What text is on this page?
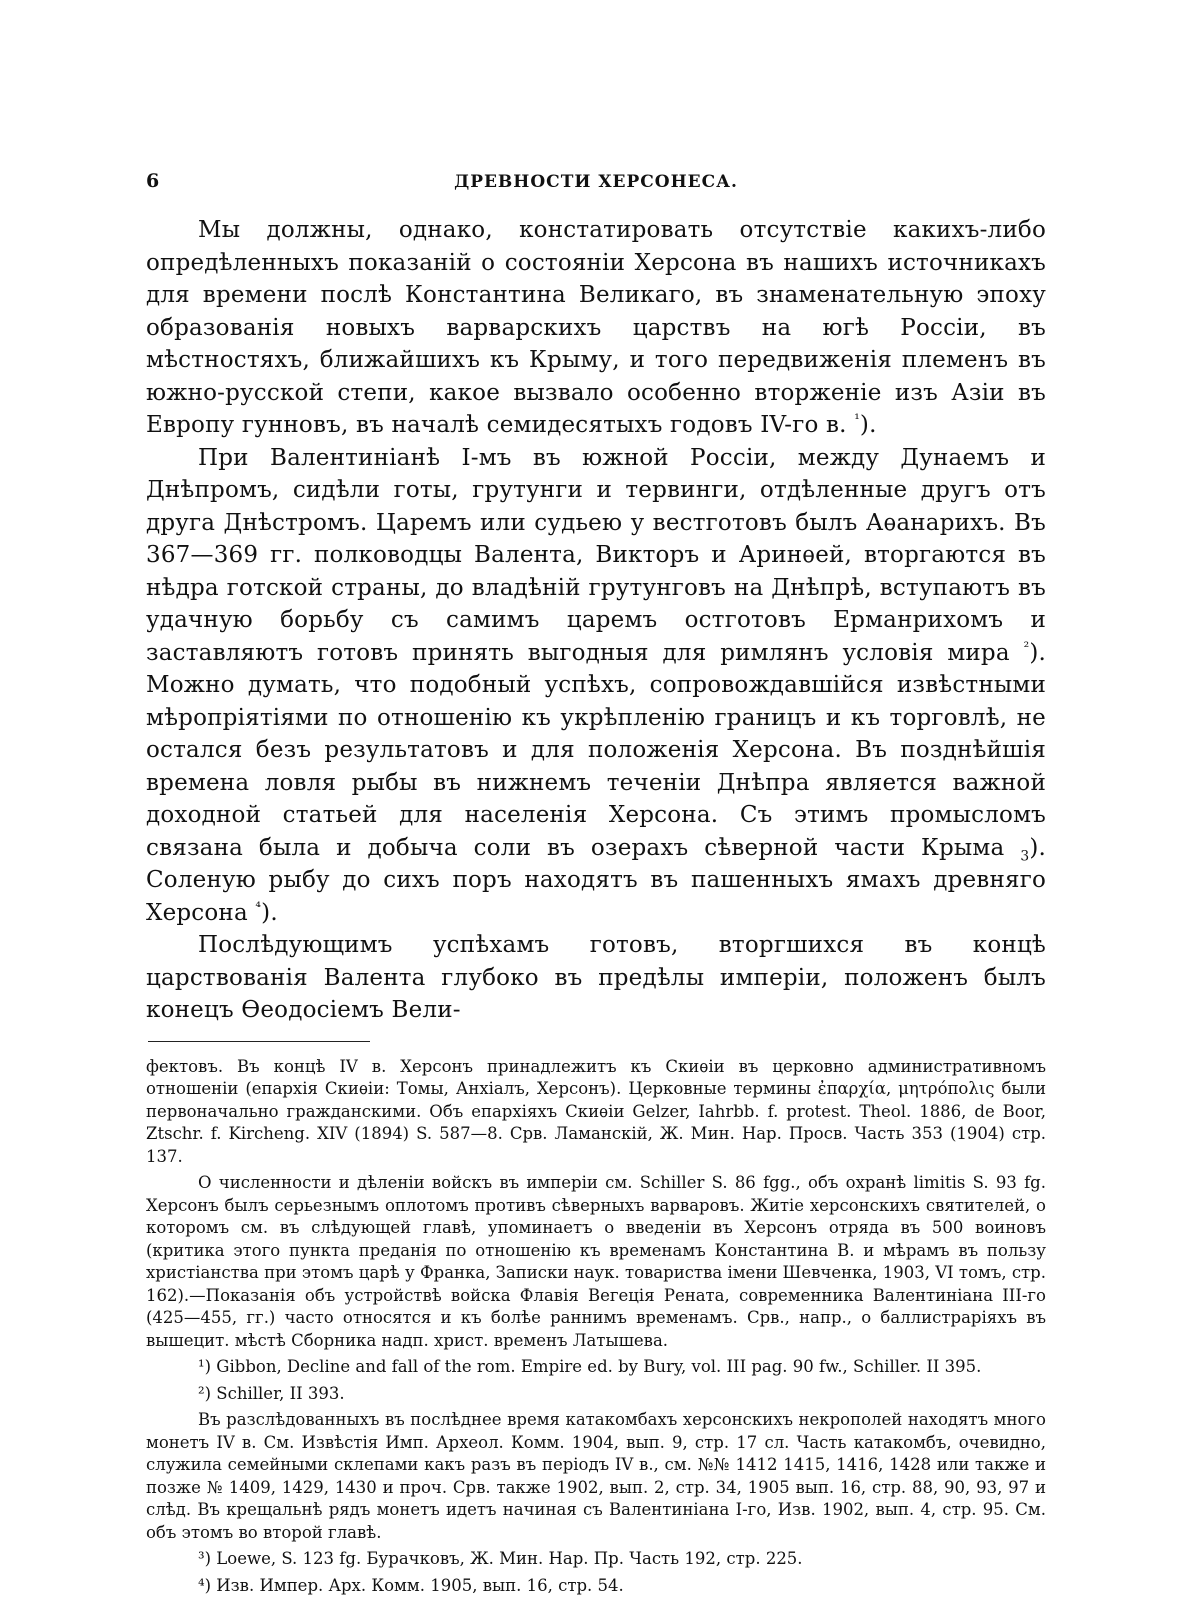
6	ДРЕВНОСТИ ХЕРСОНЕСА.

Мы должны, однако, констатировать отсутствіе какихъ-либо опредѣленныхъ показаній о состояніи Херсона въ нашихъ источникахъ для времени послѣ Константина Великаго, въ знаменательную эпоху образованія новыхъ варварскихъ царствъ на югѣ Россіи, въ мѣстностяхъ, ближайшихъ къ Крыму, и того передвиженія племенъ въ южно-русской степи, какое вызвало особенно вторженіе изъ Азіи въ Европу гунновъ, въ началѣ семидесятыхъ годовъ IV-го в. $^{^1}$).

При Валентиніанѣ I-мъ въ южной Россіи, между Дунаемъ и Днѣпромъ, сидѣли готы, грутунги и тервинги, отдѣленные другъ отъ друга Днѣстромъ. Царемъ или судьею у вестготовъ былъ Аѳанарихъ. Въ 367—369 гг. полководцы Валента, Викторъ и Аринѳей, вторгаются въ нѣдра готской страны, до владѣній грутунговъ на Днѣпрѣ, вступаютъ въ удачную борьбу съ самимъ царемъ остготовъ Ерманрихомъ и заставляютъ готовъ принять выгодныя для римлянъ условія мира $^{^2}$). Можно думать, что подобный успѣхъ, сопровождавшійся извѣстными мѣропріятіями по отношенію къ укрѣпленію границъ и къ торговлѣ, не остался безъ результатовъ и для положенія Херсона. Въ позднѣйшія времена ловля рыбы въ нижнемъ теченіи Днѣпра является важной доходной статьей для населенія Херсона. Съ этимъ промысломъ связана была и добыча соли въ озерахъ сѣверной части Крыма $_3$). Соленую рыбу до сихъ поръ находятъ въ пашенныхъ ямахъ древняго Херсона $^{^4}$).

Послѣдующимъ успѣхамъ готовъ, вторгшихся въ концѣ царствованія Валента глубоко въ предѣлы имперіи, положенъ былъ конецъ Ѳеодосіемъ Вели-

фектовъ. Въ концѣ IV в. Херсонъ принадлежитъ къ Скиѳіи въ церковно административномъ отношеніи (епархія Скиѳіи: Томы, Анхіалъ, Херсонъ). Церковные термины ἐπαρχία, μητρόπολις были первоначально гражданскими. Объ епархіяхъ Скиѳіи Gelzer, Iahrbb. f. protest. Theol. 1886, de Boor, Ztschr. f. Kircheng. XIV (1894) S. 587—8. Срв. Ламанскій, Ж. Мин. Нар. Просв. Часть 353 (1904) стр. 137.

О численности и дѣленіи войскъ въ имперіи см. Schiller S. 86 fgg., объ охранѣ limitis S. 93 fg. Херсонъ былъ серьезнымъ оплотомъ противъ сѣверныхъ варваровъ. Житіе херсонскихъ святителей, о которомъ см. въ слѣдующей главѣ, упоминаетъ о введеніи въ Херсонъ отряда въ 500 воиновъ (критика этого пункта преданія по отношенію къ временамъ Константина В. и мѣрамъ въ пользу христіанства при этомъ царѣ у Франка, Записки наук. товариства імени Шевченка, 1903, VI томъ, стр. 162).—Показанія объ устройствѣ войска Флавія Вегеція Рената, современника Валентиніана III-го (425—455, гг.) часто относятся и къ болѣе раннимъ временамъ. Срв., напр., о баллистраріяхъ въ вышецит. мѣстѣ Сборника надп. христ. временъ Латышева.

¹) Gibbon, Decline and fall of the rom. Empire ed. by Bury, vol. III pag. 90 fw., Schiller. II 395.

²) Schiller, II 393.

Въ разслѣдованныхъ въ послѣднее время катакомбахъ херсонскихъ некрополей находятъ много монетъ IV в. См. Извѣстія Имп. Археол. Комм. 1904, вып. 9, стр. 17 сл. Часть катакомбъ, очевидно, служила семейными склепами какъ разъ въ періодъ IV в., см. №№ 1412 1415, 1416, 1428 или также и позже № 1409, 1429, 1430 и проч. Срв. также 1902, вып. 2, стр. 34, 1905 вып. 16, стр. 88, 90, 93, 97 и слѣд. Въ крещальнѣ рядъ монетъ идетъ начиная съ Валентиніана I-го, Изв. 1902, вып. 4, стр. 95. См. объ этомъ во второй главѣ.

³) Loewe, S. 123 fg. Бурачковъ, Ж. Мин. Нар. Пр. Часть 192, стр. 225.

⁴) Изв. Импер. Арх. Комм. 1905, вып. 16, стр. 54.
